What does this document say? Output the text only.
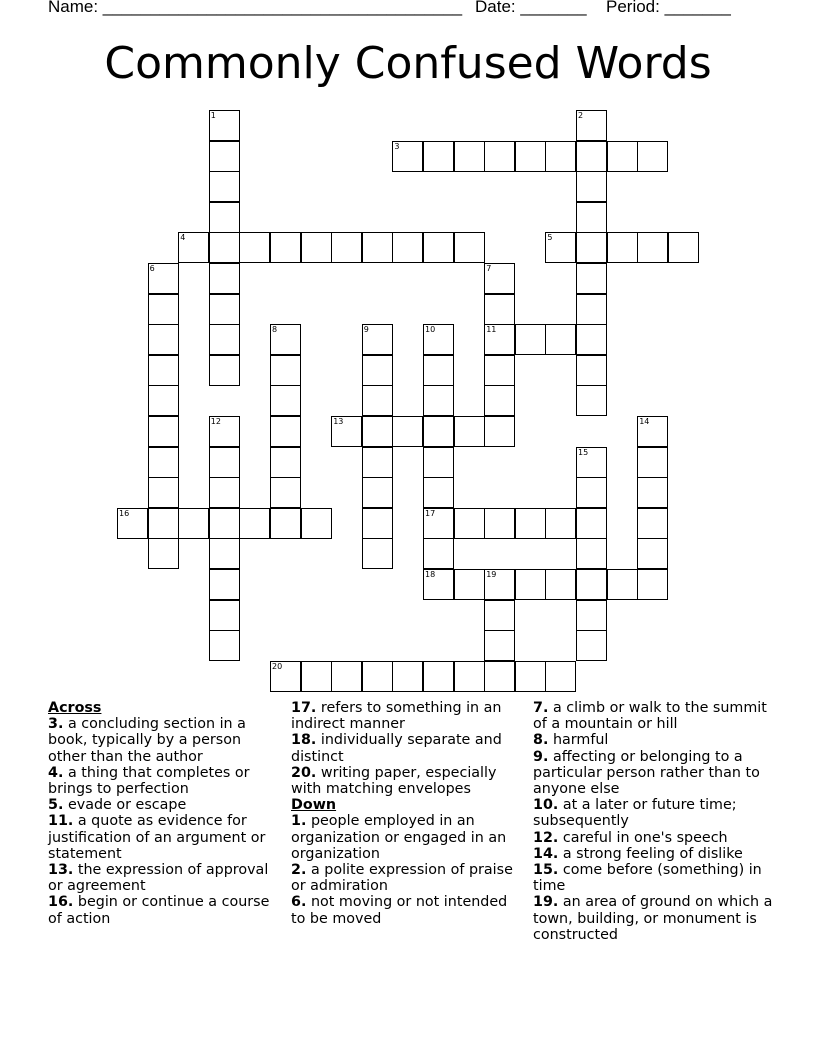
Name: ______________________________________ Date: _______ Period: _______
Commonly Confused Words
1	2
3
4	5
6	7
11
8	9	10
17
18
12	13	14
15
16
19
20
Across
3. a concluding section in a book, typically by a person other than the author
4. a thing that completes or brings to perfection
5. evade or escape
11. a quote as evidence for justification of an argument or statement
13. the expression of approval or agreement
16. begin or continue a course of action
17. refers to something in an indirect manner
18. individually separate and distinct
20. writing paper, especially with matching envelopes
Down
1. people employed in an organization or engaged in an organization
2. a polite expression of praise or admiration
6. not moving or not intended to be moved
7. a climb or walk to the summit of a mountain or hill
8. harmful
9. affecting or belonging to a particular person rather than to anyone else
10. at a later or future time; subsequently
12. careful in one's speech
14. a strong feeling of dislike
15. come before (something) in time
19. an area of ground on which a town, building, or monument is constructed
